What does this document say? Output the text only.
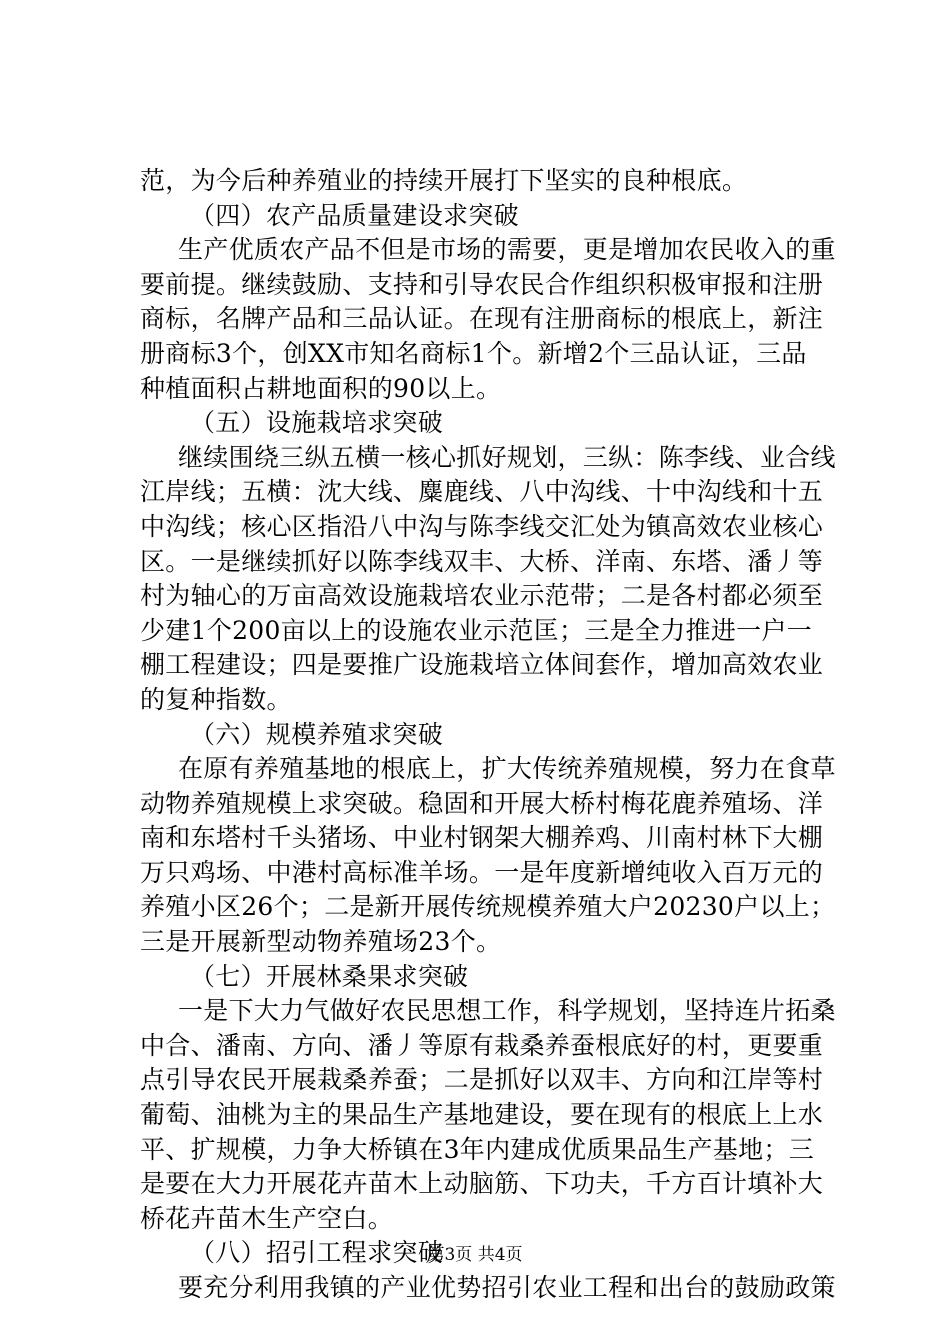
范，为今后种养殖业的持续开展打下坚实的良种根底。
（四）农产品质量建设求突破
生产优质农产品不但是市场的需要，更是增加农民收入的重
要前提。继续鼓励、支持和引导农民合作组织积极审报和注册
商标，名牌产品和三品认证。在现有注册商标的根底上，新注
册商标3个，创XX市知名商标1个。新增2个三品认证，三品
种植面积占耕地面积的90以上。
（五）设施栽培求突破
继续围绕三纵五横一核心抓好规划，三纵：陈李线、业合线
江岸线；五横：沈大线、麋鹿线、八中沟线、十中沟线和十五
中沟线；核心区指沿八中沟与陈李线交汇处为镇高效农业核心
区。一是继续抓好以陈李线双丰、大桥、洋南、东塔、潘丿等
村为轴心的万亩高效设施栽培农业示范带；二是各村都必须至
少建1个200亩以上的设施农业示范匡；三是全力推进一户一
棚工程建设；四是要推广设施栽培立体间套作，增加高效农业
的复种指数。
（六）规模养殖求突破
在原有养殖基地的根底上，扩大传统养殖规模，努力在食草
动物养殖规模上求突破。稳固和开展大桥村梅花鹿养殖场、洋
南和东塔村千头猪场、中业村钢架大棚养鸡、川南村林下大棚
万只鸡场、中港村高标准羊场。一是年度新增纯收入百万元的
养殖小区26个；二是新开展传统规模养殖大户20230户以上；
三是开展新型动物养殖场23个。
（七）开展林桑果求突破
一是下大力气做好农民思想工作，科学规划，坚持连片拓桑
中合、潘南、方向、潘丿等原有栽桑养蚕根底好的村，更要重
点引导农民开展栽桑养蚕；二是抓好以双丰、方向和江岸等村
葡萄、油桃为主的果品生产基地建设，要在现有的根底上上水
平、扩规模，力争大桥镇在3年内建成优质果品生产基地；三
是要在大力开展花卉苗木上动脑筋、下功夫，千方百计填补大
桥花卉苗木生产空白。
（八）招引工程求突破
要充分利用我镇的产业优势招引农业工程和出台的鼓励政策
第3页 共4页
